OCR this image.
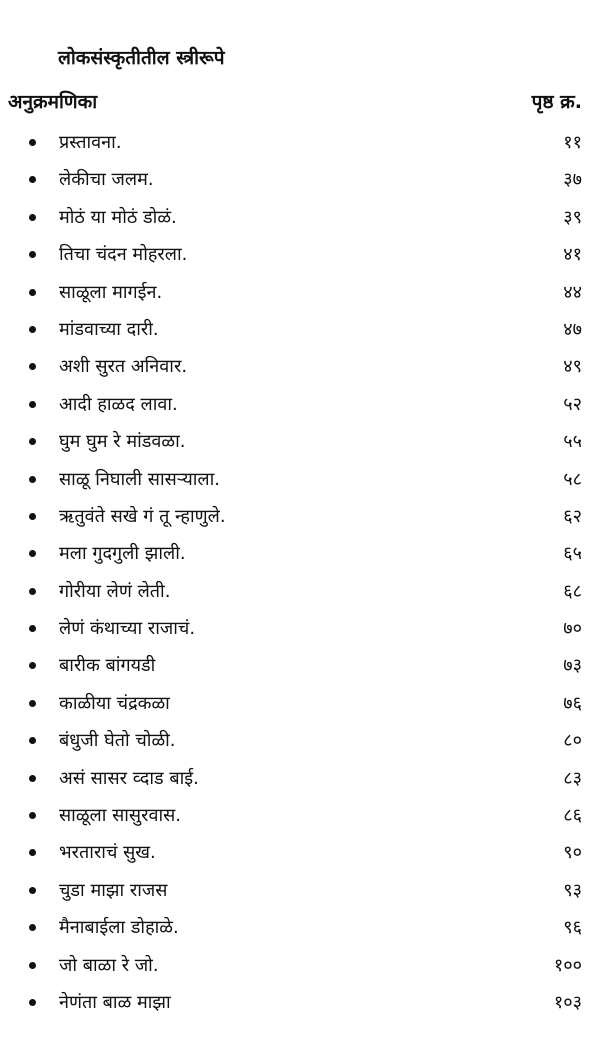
लोकसंस्कृतीतील स्त्रीरूपे
अनुक्रमणिका	पृष्ठ क्र.
प्रस्तावना.	११
लेकीचा जलम.	३७
मोठं या मोठं डोळं.	३९
तिचा चंदन मोहरला.	४१
साळूला मागईन.	४४
मांडवाच्या दारी.	४७
अशी सुरत अनिवार.	४९
आदी हाळद लावा.	५२
घुम घुम रे मांडवळा.	५५
साळू निघाली सासऱ्याला.	५८
ऋतुवंते सखे गं तू न्हाणुले.	६२
मला गुदगुली झाली.	६५
गोरीया लेणं लेती.	६८
लेणं कंथाच्या राजाचं.	७०
बारीक बांगयडी	७३
काळीया चंद्रकळा	७६
बंधुजी घेतो चोळी.	८०
असं सासर व्दाड बाई.	८३
साळूला सासुरवास.	८६
भरताराचं सुख.	९०
चुडा माझा राजस	९३
मैनाबाईला डोहाळे.	९६
जो बाळा रे जो.	१००
नेणंता बाळ माझा	१०३
